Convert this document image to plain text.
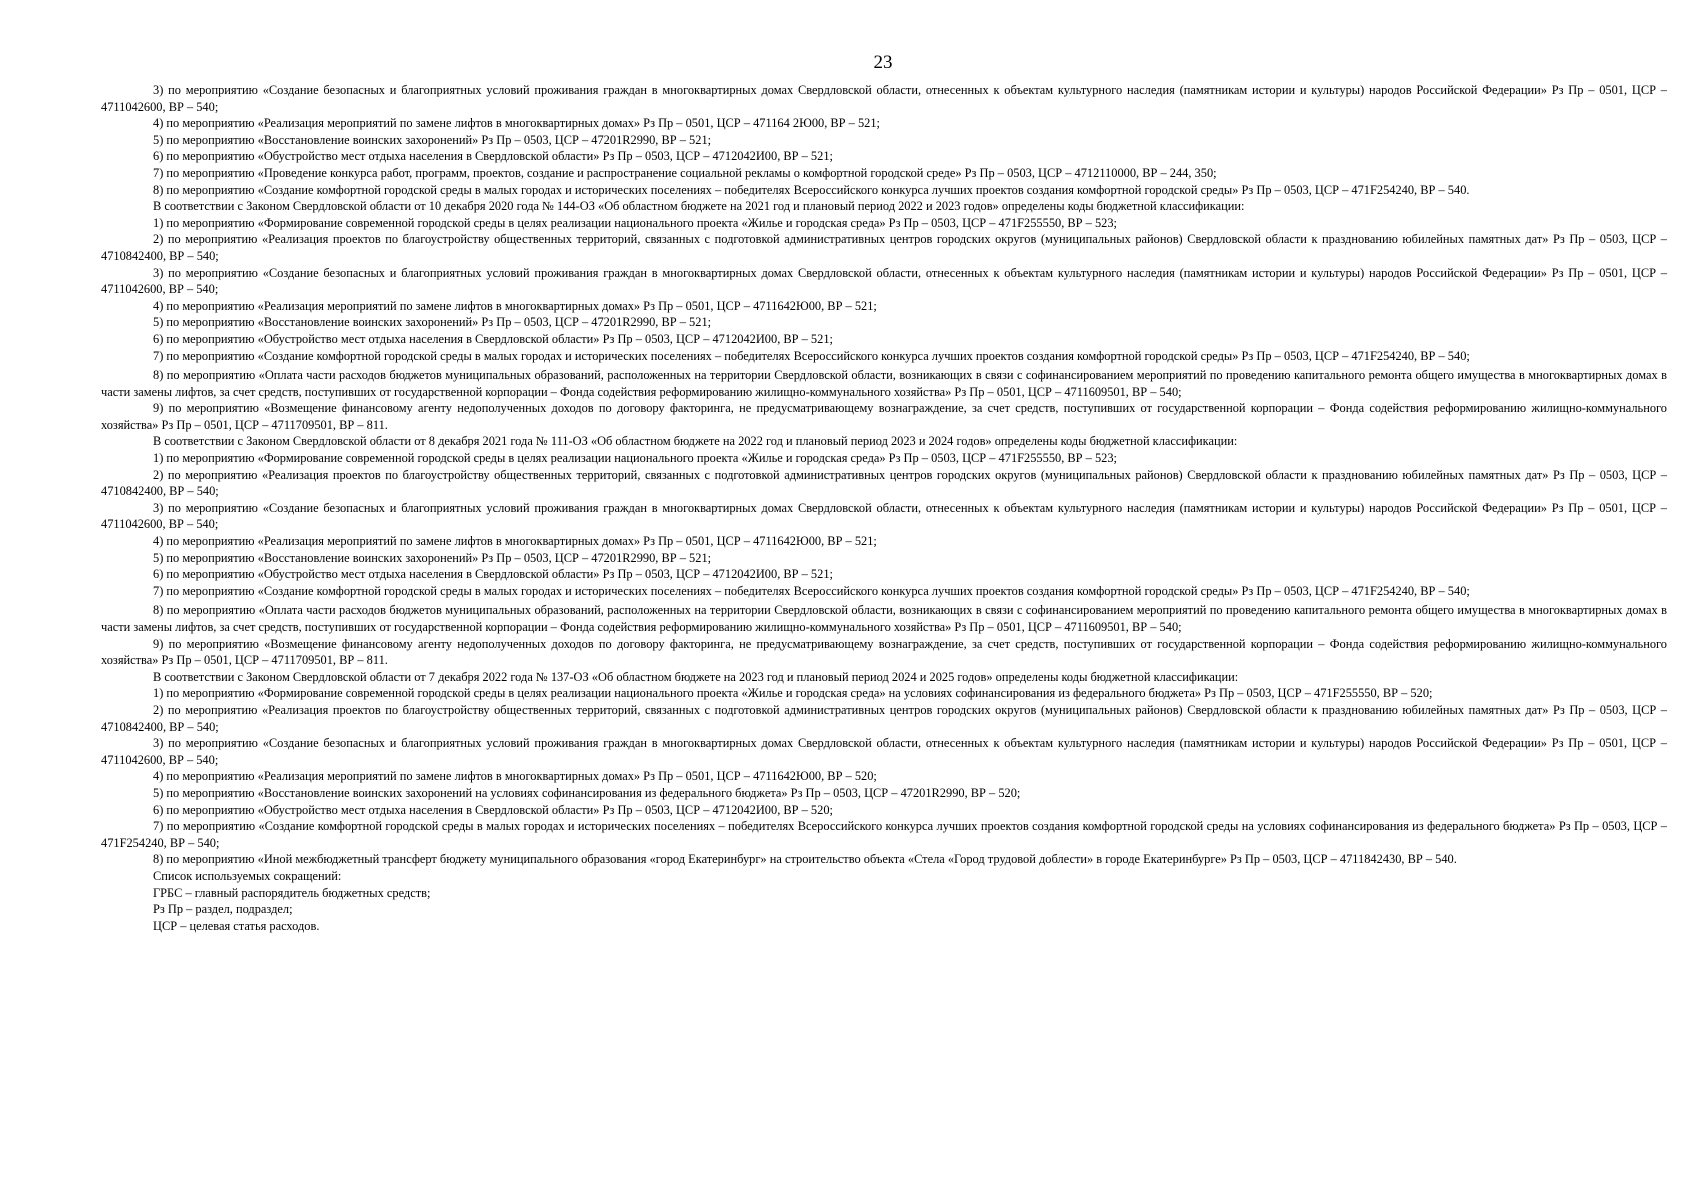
23

3) по мероприятию «Создание безопасных и благоприятных условий проживания граждан в многоквартирных домах Свердловской области, отнесенных к объектам культурного наследия (памятникам истории и культуры) народов Российской Федерации» Рз Пр – 0501, ЦСР – 4711042600, ВР – 540;

4) по мероприятию «Реализация мероприятий по замене лифтов в многоквартирных домах» Рз Пр – 0501, ЦСР – 471164 2Ю00, ВР – 521;

5) по мероприятию «Восстановление воинских захоронений» Рз Пр – 0503, ЦСР – 47201R2990, ВР – 521;

6) по мероприятию «Обустройство мест отдыха населения в Свердловской области» Рз Пр – 0503, ЦСР – 4712042И00, ВР – 521;

7) по мероприятию «Проведение конкурса работ, программ, проектов, создание и распространение социальной рекламы о комфортной городской среде» Рз Пр – 0503, ЦСР – 4712110000, ВР – 244, 350;

8) по мероприятию «Создание комфортной городской среды в малых городах и исторических поселениях – победителях Всероссийского конкурса лучших проектов создания комфортной городской среды» Рз Пр – 0503, ЦСР – 471F254240, ВР – 540.

В соответствии с Законом Свердловской области от 10 декабря 2020 года № 144-ОЗ «Об областном бюджете на 2021 год и плановый период 2022 и 2023 годов» определены коды бюджетной классификации:

1) по мероприятию «Формирование современной городской среды в целях реализации национального проекта «Жилье и городская среда» Рз Пр – 0503, ЦСР – 471F255550, ВР – 523;

2) по мероприятию «Реализация проектов по благоустройству общественных территорий, связанных с подготовкой административных центров городских округов (муниципальных районов) Свердловской области к празднованию юбилейных памятных дат» Рз Пр – 0503, ЦСР – 4710842400, ВР – 540;

3) по мероприятию «Создание безопасных и благоприятных условий проживания граждан в многоквартирных домах Свердловской области, отнесенных к объектам культурного наследия (памятникам истории и культуры) народов Российской Федерации» Рз Пр – 0501, ЦСР – 4711042600, ВР – 540;

4) по мероприятию «Реализация мероприятий по замене лифтов в многоквартирных домах» Рз Пр – 0501, ЦСР – 4711642Ю00, ВР – 521;

5) по мероприятию «Восстановление воинских захоронений» Рз Пр – 0503, ЦСР – 47201R2990, ВР – 521;

6) по мероприятию «Обустройство мест отдыха населения в Свердловской области» Рз Пр – 0503, ЦСР – 4712042И00, ВР – 521;

7) по мероприятию «Создание комфортной городской среды в малых городах и исторических поселениях – победителях Всероссийского конкурса лучших проектов создания комфортной городской среды» Рз Пр – 0503, ЦСР – 471F254240, ВР – 540;

8) по мероприятию «Оплата части расходов бюджетов муниципальных образований, расположенных на территории Свердловской области, возникающих в связи с софинансированием мероприятий по проведению капитального ремонта общего имущества в многоквартирных домах в части замены лифтов, за счет средств, поступивших от государственной корпорации – Фонда содействия реформированию жилищно-коммунального хозяйства» Рз Пр – 0501, ЦСР – 4711609501, ВР – 540;

9) по мероприятию «Возмещение финансовому агенту недополученных доходов по договору факторинга, не предусматривающему вознаграждение, за счет средств, поступивших от государственной корпорации – Фонда содействия реформированию жилищно-коммунального хозяйства» Рз Пр – 0501, ЦСР – 4711709501, ВР – 811.

В соответствии с Законом Свердловской области от 8 декабря 2021 года № 111-ОЗ «Об областном бюджете на 2022 год и плановый период 2023 и 2024 годов» определены коды бюджетной классификации:

1) по мероприятию «Формирование современной городской среды в целях реализации национального проекта «Жилье и городская среда» Рз Пр – 0503, ЦСР – 471F255550, ВР – 523;

2) по мероприятию «Реализация проектов по благоустройству общественных территорий, связанных с подготовкой административных центров городских округов (муниципальных районов) Свердловской области к празднованию юбилейных памятных дат» Рз Пр – 0503, ЦСР – 4710842400, ВР – 540;

3) по мероприятию «Создание безопасных и благоприятных условий проживания граждан в многоквартирных домах Свердловской области, отнесенных к объектам культурного наследия (памятникам истории и культуры) народов Российской Федерации» Рз Пр – 0501, ЦСР – 4711042600, ВР – 540;

4) по мероприятию «Реализация мероприятий по замене лифтов в многоквартирных домах» Рз Пр – 0501, ЦСР – 4711642Ю00, ВР – 521;

5) по мероприятию «Восстановление воинских захоронений» Рз Пр – 0503, ЦСР – 47201R2990, ВР – 521;

6) по мероприятию «Обустройство мест отдыха населения в Свердловской области» Рз Пр – 0503, ЦСР – 4712042И00, ВР – 521;

7) по мероприятию «Создание комфортной городской среды в малых городах и исторических поселениях – победителях Всероссийского конкурса лучших проектов создания комфортной городской среды» Рз Пр – 0503, ЦСР – 471F254240, ВР – 540;

8) по мероприятию «Оплата части расходов бюджетов муниципальных образований, расположенных на территории Свердловской области, возникающих в связи с софинансированием мероприятий по проведению капитального ремонта общего имущества в многоквартирных домах в части замены лифтов, за счет средств, поступивших от государственной корпорации – Фонда содействия реформированию жилищно-коммунального хозяйства» Рз Пр – 0501, ЦСР – 4711609501, ВР – 540;

9) по мероприятию «Возмещение финансовому агенту недополученных доходов по договору факторинга, не предусматривающему вознаграждение, за счет средств, поступивших от государственной корпорации – Фонда содействия реформированию жилищно-коммунального хозяйства» Рз Пр – 0501, ЦСР – 4711709501, ВР – 811.

В соответствии с Законом Свердловской области от 7 декабря 2022 года № 137-ОЗ «Об областном бюджете на 2023 год и плановый период 2024 и 2025 годов» определены коды бюджетной классификации:

1) по мероприятию «Формирование современной городской среды в целях реализации национального проекта «Жилье и городская среда» на условиях софинансирования из федерального бюджета» Рз Пр – 0503, ЦСР – 471F255550, ВР – 520;

2) по мероприятию «Реализация проектов по благоустройству общественных территорий, связанных с подготовкой административных центров городских округов (муниципальных районов) Свердловской области к празднованию юбилейных памятных дат» Рз Пр – 0503, ЦСР – 4710842400, ВР – 540;

3) по мероприятию «Создание безопасных и благоприятных условий проживания граждан в многоквартирных домах Свердловской области, отнесенных к объектам культурного наследия (памятникам истории и культуры) народов Российской Федерации» Рз Пр – 0501, ЦСР – 4711042600, ВР – 540;

4) по мероприятию «Реализация мероприятий по замене лифтов в многоквартирных домах» Рз Пр – 0501, ЦСР – 4711642Ю00, ВР – 520;

5) по мероприятию «Восстановление воинских захоронений на условиях софинансирования из федерального бюджета» Рз Пр – 0503, ЦСР – 47201R2990, ВР – 520;

6) по мероприятию «Обустройство мест отдыха населения в Свердловской области» Рз Пр – 0503, ЦСР – 4712042И00, ВР – 520;

7) по мероприятию «Создание комфортной городской среды в малых городах и исторических поселениях – победителях Всероссийского конкурса лучших проектов создания комфортной городской среды на условиях софинансирования из федерального бюджета» Рз Пр – 0503, ЦСР – 471F254240, ВР – 540;

8) по мероприятию «Иной межбюджетный трансферт бюджету муниципального образования «город Екатеринбург» на строительство объекта «Стела «Город трудовой доблести» в городе Екатеринбурге» Рз Пр – 0503, ЦСР – 4711842430, ВР – 540.

Список используемых сокращений:

ГРБС – главный распорядитель бюджетных средств;

Рз Пр – раздел, подраздел;

ЦСР – целевая статья расходов.
